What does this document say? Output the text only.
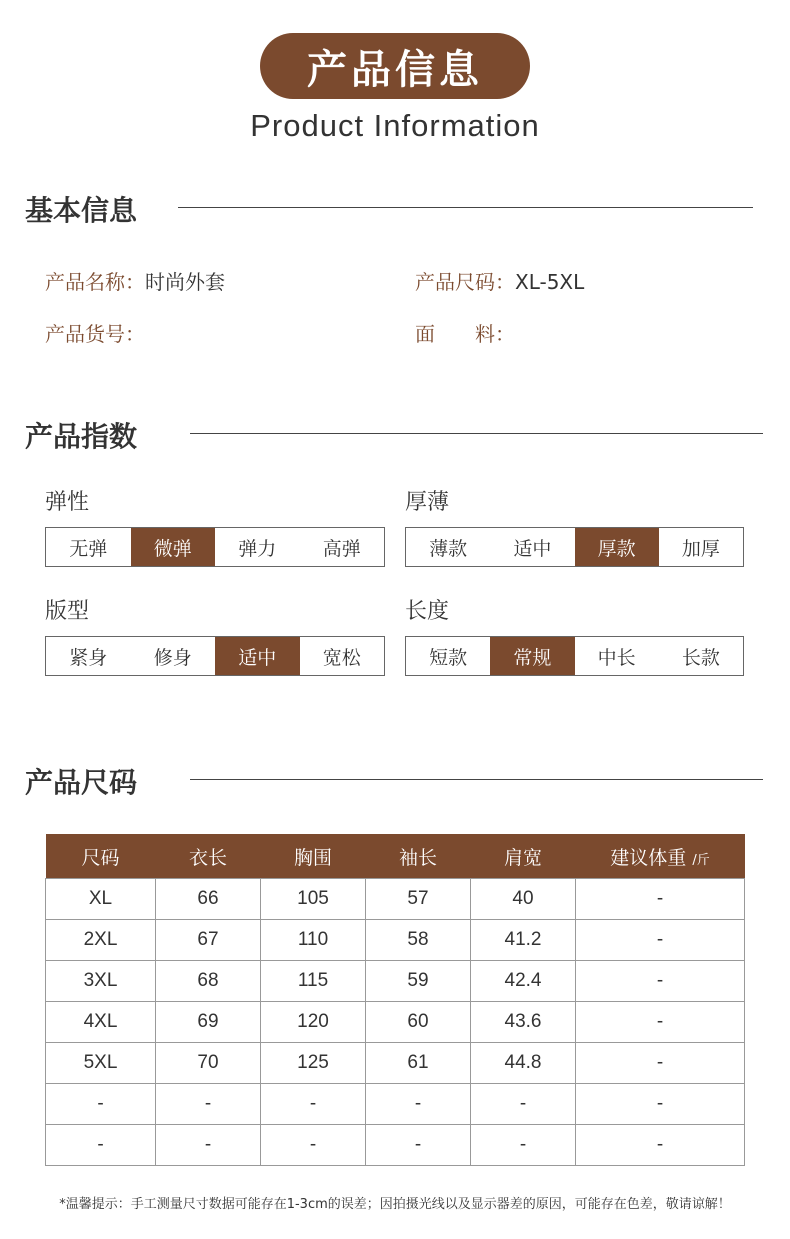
产品信息
Product Information
基本信息
产品名称：时尚外套	产品尺码：XL-5XL
产品货号：	面　　料：
产品指数
弹性
无弹	微弹	弹力	高弹
厚薄
薄款	适中	厚款	加厚
版型
紧身	修身	适中	宽松
长度
短款	常规	中长	长款
产品尺码
尺码	衣长	胸围	袖长	肩宽	建议体重 /斤
XL	66	105	57	40	-
2XL	67	110	58	41.2	-
3XL	68	115	59	42.4	-
4XL	69	120	60	43.6	-
5XL	70	125	61	44.8	-
-	-	-	-	-	-
-	-	-	-	-	-
*温馨提示：手工测量尺寸数据可能存在1-3cm的误差；因拍摄光线以及显示器差的原因，可能存在色差，敬请谅解！
